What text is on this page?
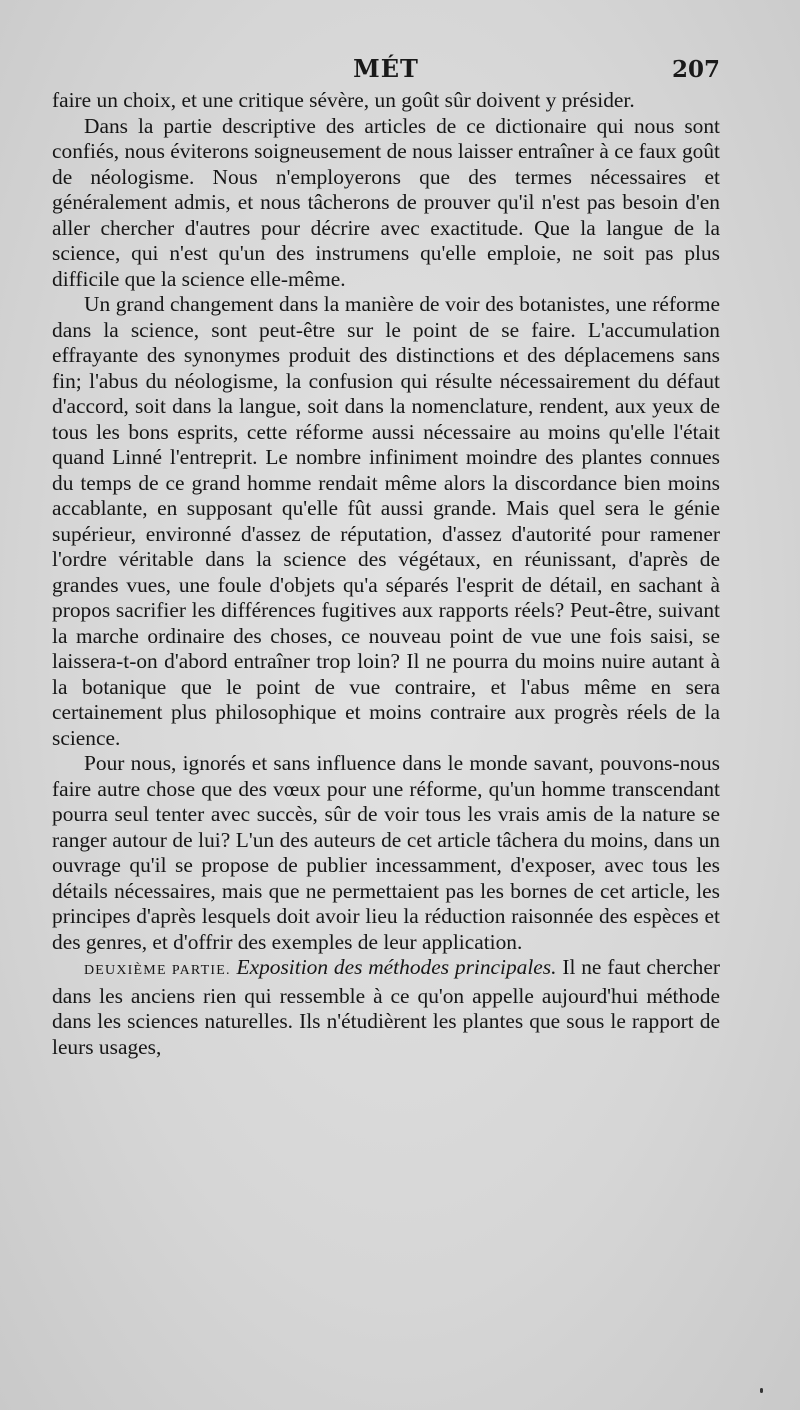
MÉT	207

faire un choix, et une critique sévère, un goût sûr doivent y présider.

Dans la partie descriptive des articles de ce dictionaire qui nous sont confiés, nous éviterons soigneusement de nous laisser entraîner à ce faux goût de néologisme. Nous n'employerons que des termes nécessaires et généralement admis, et nous tâcherons de prouver qu'il n'est pas besoin d'en aller chercher d'autres pour décrire avec exactitude. Que la langue de la science, qui n'est qu'un des instrumens qu'elle emploie, ne soit pas plus difficile que la science elle-même.

Un grand changement dans la manière de voir des botanistes, une réforme dans la science, sont peut-être sur le point de se faire. L'accumulation effrayante des synonymes produit des distinctions et des déplacemens sans fin; l'abus du néologisme, la confusion qui résulte nécessairement du défaut d'accord, soit dans la langue, soit dans la nomenclature, rendent, aux yeux de tous les bons esprits, cette réforme aussi nécessaire au moins qu'elle l'était quand Linné l'entreprit. Le nombre infiniment moindre des plantes connues du temps de ce grand homme rendait même alors la discordance bien moins accablante, en supposant qu'elle fût aussi grande. Mais quel sera le génie supérieur, environné d'assez de réputation, d'assez d'autorité pour ramener l'ordre véritable dans la science des végétaux, en réunissant, d'après de grandes vues, une foule d'objets qu'a séparés l'esprit de détail, en sachant à propos sacrifier les différences fugitives aux rapports réels? Peut-être, suivant la marche ordinaire des choses, ce nouveau point de vue une fois saisi, se laissera-t-on d'abord entraîner trop loin? Il ne pourra du moins nuire autant à la botanique que le point de vue contraire, et l'abus même en sera certainement plus philosophique et moins contraire aux progrès réels de la science.

Pour nous, ignorés et sans influence dans le monde savant, pouvons-nous faire autre chose que des vœux pour une réforme, qu'un homme transcendant pourra seul tenter avec succès, sûr de voir tous les vrais amis de la nature se ranger autour de lui? L'un des auteurs de cet article tâchera du moins, dans un ouvrage qu'il se propose de publier incessamment, d'exposer, avec tous les détails nécessaires, mais que ne permettaient pas les bornes de cet article, les principes d'après lesquels doit avoir lieu la réduction raisonnée des espèces et des genres, et d'offrir des exemples de leur application.

DEUXIÈME PARTIE. Exposition des méthodes principales. Il ne faut chercher dans les anciens rien qui ressemble à ce qu'on appelle aujourd'hui méthode dans les sciences naturelles. Ils n'étudièrent les plantes que sous le rapport de leurs usages,
